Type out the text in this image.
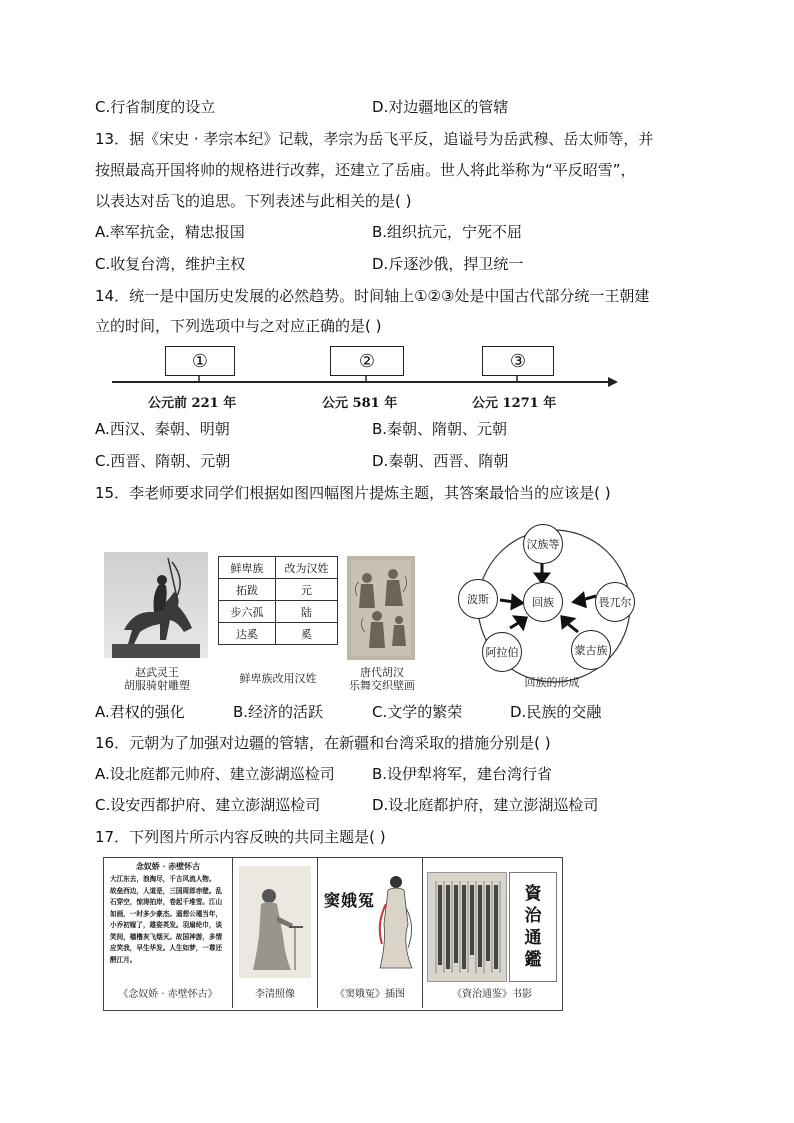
C.行省制度的设立	D.对边疆地区的管辖
13．据《宋史 · 孝宗本纪》记载，孝宗为岳飞平反，追谥号为岳武穆、岳太师等，并
按照最高开国将帅的规格进行改葬，还建立了岳庙。世人将此举称为“平反昭雪”，
以表达对岳飞的追思。下列表述与此相关的是( )
A.率军抗金，精忠报国	B.组织抗元，宁死不屈
C.收复台湾，维护主权	D.斥逐沙俄，捍卫统一
14．统一是中国历史发展的必然趋势。时间轴上①②③处是中国古代部分统一王朝建
立的时间，下列选项中与之对应正确的是( )
①	②	③
公元前 221 年	公元 581 年	公元 1271 年
A.西汉、秦朝、明朝	B.秦朝、隋朝、元朝
C.西晋、隋朝、元朝	D.秦朝、西晋、隋朝
15．李老师要求同学们根据如图四幅图片提炼主题，其答案最恰当的应该是( )
赵武灵王
胡服骑射雕塑
鲜卑族	改为汉姓
拓跋	元
步六孤	陆
达奚	奚
鲜卑族改用汉姓	唐代胡汉
乐舞交织壁画
回族
汉族等
畏兀尔
蒙古族
阿拉伯
波斯
回族的形成
A.君权的强化	B.经济的活跃	C.文学的繁荣	D.民族的交融
16．元朝为了加强对边疆的管辖，在新疆和台湾采取的措施分别是( )
A.设北庭都元帅府、建立澎湖巡检司 B.设伊犁将军，建台湾行省
C.设安西都护府、建立澎湖巡检司	D.设北庭都护府，建立澎湖巡检司
17．下列图片所示内容反映的共同主题是( )
念奴娇 · 赤壁怀古
大江东去，浪淘尽，千古风流人物。
故垒西边，人道是，三国周郎赤壁。乱
石穿空，惊涛拍岸，卷起千堆雪。江山
如画，一时多少豪杰。遥想公瑾当年，
小乔初嫁了，雄姿英发。羽扇纶巾，谈
笑间，樯橹灰飞烟灭。故国神游，多情
应笑我，早生华发。人生如梦，一尊还
酹江月。
《念奴娇 · 赤壁怀古》	李清照像
窦娥冤
《窦娥冤》插图
資治通鑑
《資治通鉴》书影
